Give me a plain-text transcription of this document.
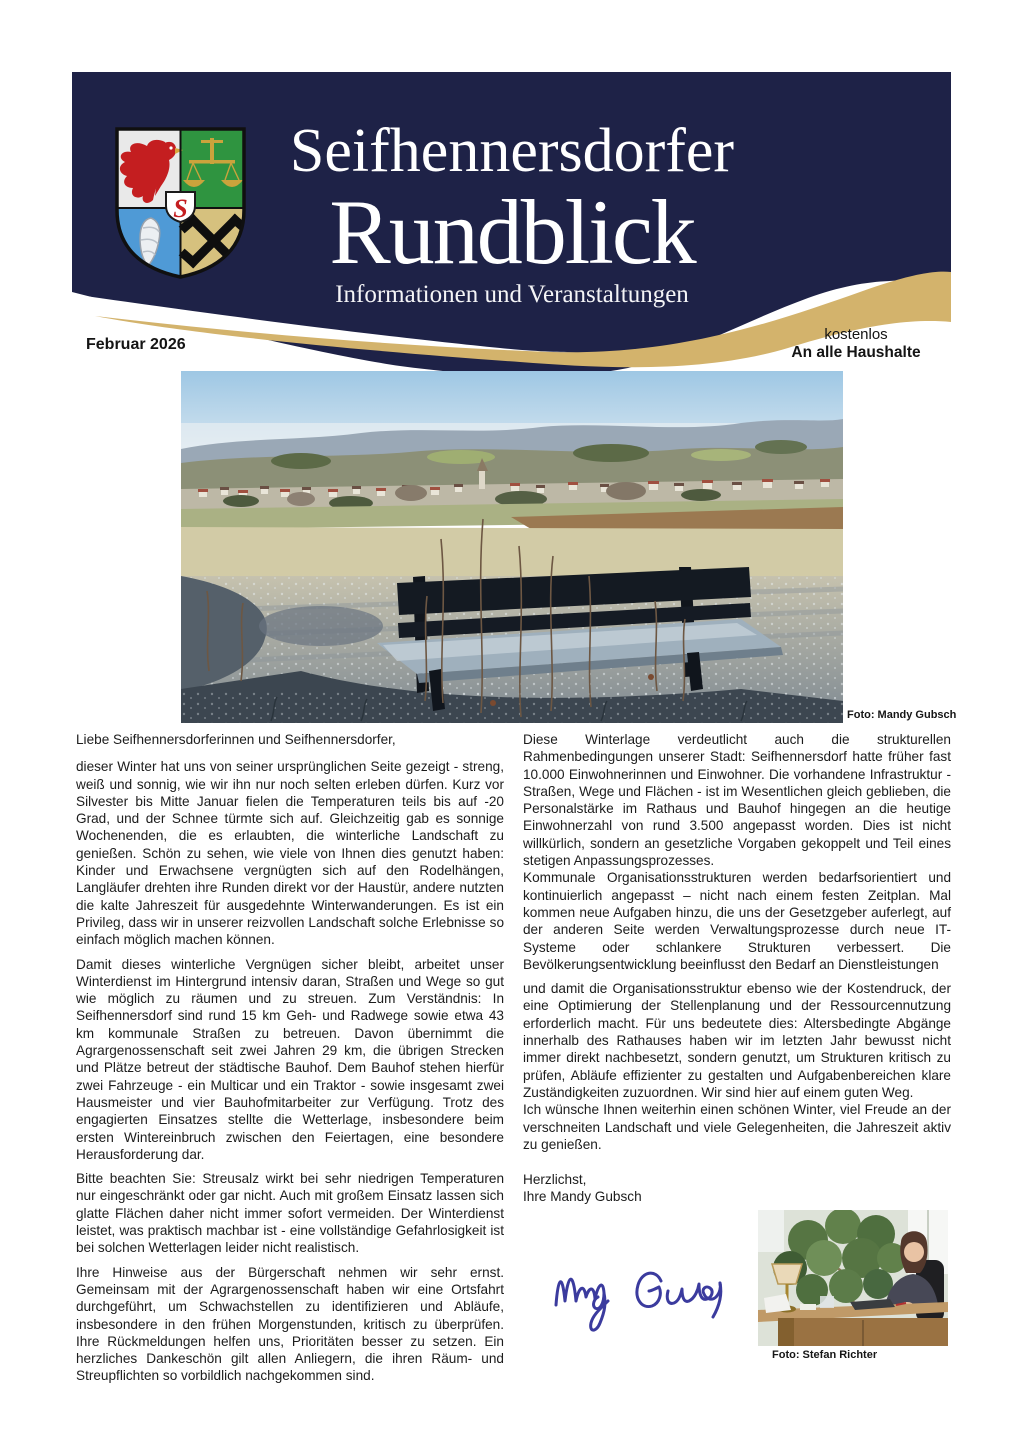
S
Seifhennersdorfer
Rundblick
Informationen und Veranstaltungen
Februar 2026
kostenlos
An alle Haushalte
Foto: Mandy Gubsch

Liebe Seifhennersdorferinnen und Seifhennersdorfer,

dieser Winter hat uns von seiner ursprünglichen Seite gezeigt - streng, weiß und sonnig, wie wir ihn nur noch selten erleben dürfen. Kurz vor Silvester bis Mitte Januar fielen die Temperaturen teils bis auf -20 Grad, und der Schnee türmte sich auf. Gleichzeitig gab es sonnige Wochenenden, die es erlaubten, die winterliche Landschaft zu genießen. Schön zu sehen, wie viele von Ihnen dies genutzt haben: Kinder und Erwachsene vergnügten sich auf den Rodelhängen, Langläufer drehten ihre Runden direkt vor der Haustür, andere nutzten die kalte Jahreszeit für ausgedehnte Winterwanderungen. Es ist ein Privileg, dass wir in unserer reizvollen Landschaft solche Erlebnisse so einfach möglich machen können.

Damit dieses winterliche Vergnügen sicher bleibt, arbeitet unser Winterdienst im Hintergrund intensiv daran, Straßen und Wege so gut wie möglich zu räumen und zu streuen. Zum Verständnis: In Seifhennersdorf sind rund 15 km Geh- und Radwege sowie etwa 43 km kommunale Straßen zu betreuen. Davon übernimmt die Agrargenossenschaft seit zwei Jahren 29 km, die übrigen Strecken und Plätze betreut der städtische Bauhof. Dem Bauhof stehen hierfür zwei Fahrzeuge - ein Multicar und ein Traktor - sowie insgesamt zwei Hausmeister und vier Bauhofmitarbeiter zur Verfügung. Trotz des engagierten Einsatzes stellte die Wetterlage, insbesondere beim ersten Wintereinbruch zwischen den Feiertagen, eine besondere Herausforderung dar.

Bitte beachten Sie: Streusalz wirkt bei sehr niedrigen Temperaturen nur eingeschränkt oder gar nicht. Auch mit großem Einsatz lassen sich glatte Flächen daher nicht immer sofort vermeiden. Der Winterdienst leistet, was praktisch machbar ist - eine vollständige Gefahrlosigkeit ist bei solchen Wetterlagen leider nicht realistisch.

Ihre Hinweise aus der Bürgerschaft nehmen wir sehr ernst. Gemeinsam mit der Agrargenossenschaft haben wir eine Ortsfahrt durchgeführt, um Schwachstellen zu identifizieren und Abläufe, insbesondere in den frühen Morgenstunden, kritisch zu überprüfen. Ihre Rückmeldungen helfen uns, Prioritäten besser zu setzen. Ein herzliches Dankeschön gilt allen Anliegern, die ihren Räum- und Streupflichten so vorbildlich nachgekommen sind.

Diese Winterlage verdeutlicht auch die strukturellen Rahmenbedingungen unserer Stadt: Seifhennersdorf hatte früher fast 10.000 Einwohnerinnen und Einwohner. Die vorhandene Infrastruktur - Straßen, Wege und Flächen - ist im Wesentlichen gleich geblieben, die Personalstärke im Rathaus und Bauhof hingegen an die heutige Einwohnerzahl von rund 3.500 angepasst worden. Dies ist nicht willkürlich, sondern an gesetzliche Vorgaben gekoppelt und Teil eines stetigen Anpassungsprozesses.

Kommunale Organisationsstrukturen werden bedarfsorientiert und kontinuierlich angepasst – nicht nach einem festen Zeitplan. Mal kommen neue Aufgaben hinzu, die uns der Gesetzgeber auferlegt, auf der anderen Seite werden Verwaltungsprozesse durch neue IT-Systeme oder schlankere Strukturen verbessert. Die Bevölkerungsentwicklung beeinflusst den Bedarf an Dienstleistungen

und damit die Organisationsstruktur ebenso wie der Kostendruck, der eine Optimierung der Stellenplanung und der Ressourcennutzung erforderlich macht. Für uns bedeutete dies: Altersbedingte Abgänge innerhalb des Rathauses haben wir im letzten Jahr bewusst nicht immer direkt nachbesetzt, sondern genutzt, um Strukturen kritisch zu prüfen, Abläufe effizienter zu gestalten und Aufgabenbereichen klare Zuständigkeiten zuzuordnen. Wir sind hier auf einem guten Weg.

Ich wünsche Ihnen weiterhin einen schönen Winter, viel Freude an der verschneiten Landschaft und viele Gelegenheiten, die Jahreszeit aktiv zu genießen.

Herzlichst,
Ihre Mandy Gubsch
Foto: Stefan Richter
